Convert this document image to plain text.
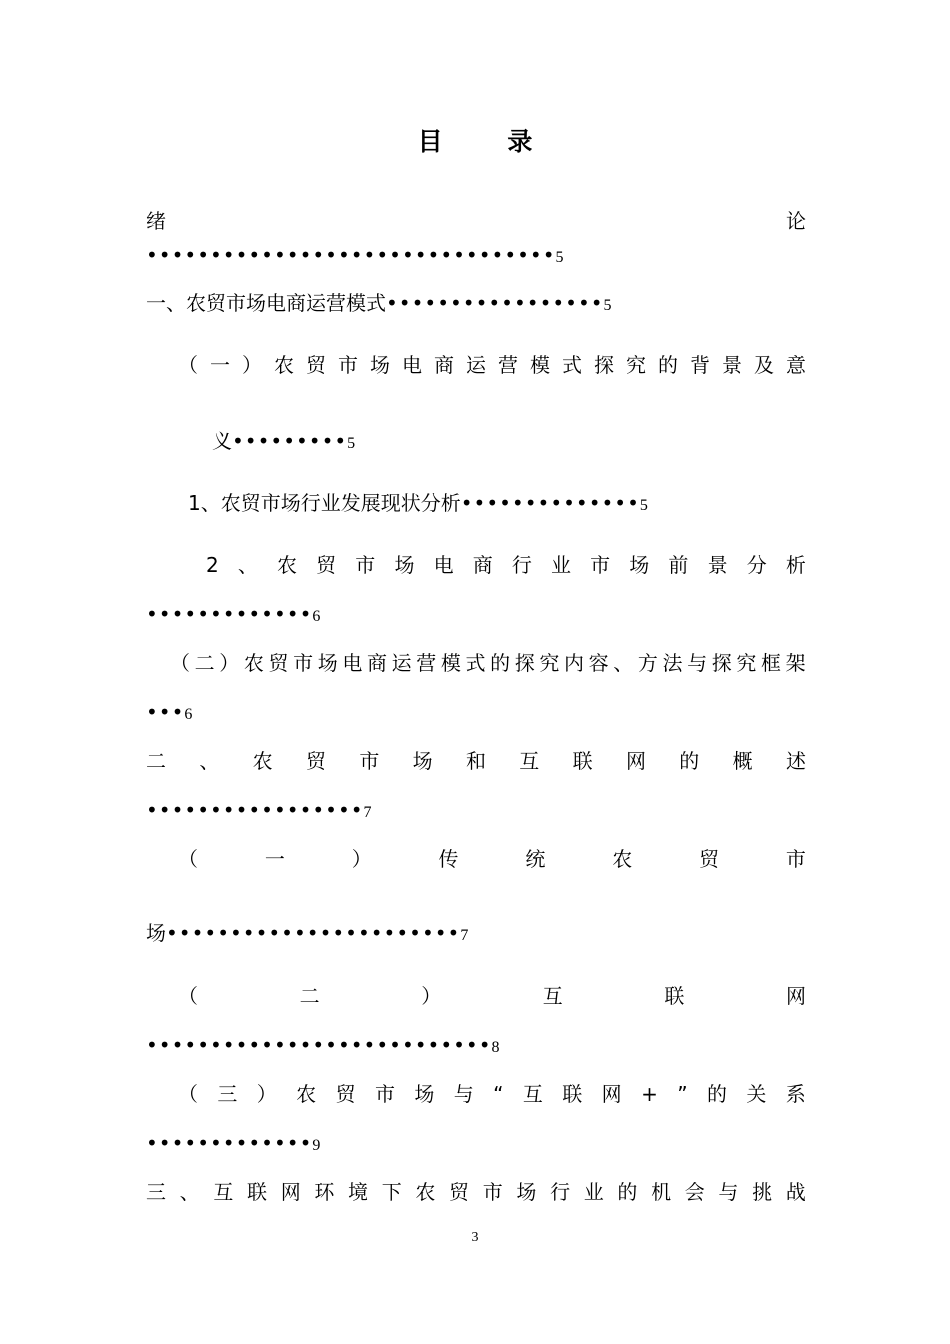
目 录
绪	论
••••••••••••••••••••••••••••••••5
一、农贸市场电商运营模式•••••••••••••••••5
（ 一 ） 农 贸 市 场 电 商 运 营 模 式 探 究 的 背 景 及 意
义•••••••••5
1、农贸市场行业发展现状分析••••••••••••••5
2 、 农 贸 市 场 电 商 行 业 市 场 前 景 分 析
•••••••••••••6
（ 二 ） 农 贸 市 场 电 商 运 营 模 式 的 探 究 内 容 、 方 法 与 探 究 框 架
•••6
二 、 农 贸 市 场 和 互 联 网 的 概 述
•••••••••••••••••7
（	一	）	传	统	农	贸	市
场•••••••••••••••••••••••7
（	二	）	互	联	网
•••••••••••••••••••••••••••8
（ 三 ） 农 贸 市 场 与 “ 互 联 网 + ” 的 关 系
•••••••••••••9
三 、 互 联 网 环 境 下 农 贸 市 场 行 业 的 机 会 与 挑 战
3
